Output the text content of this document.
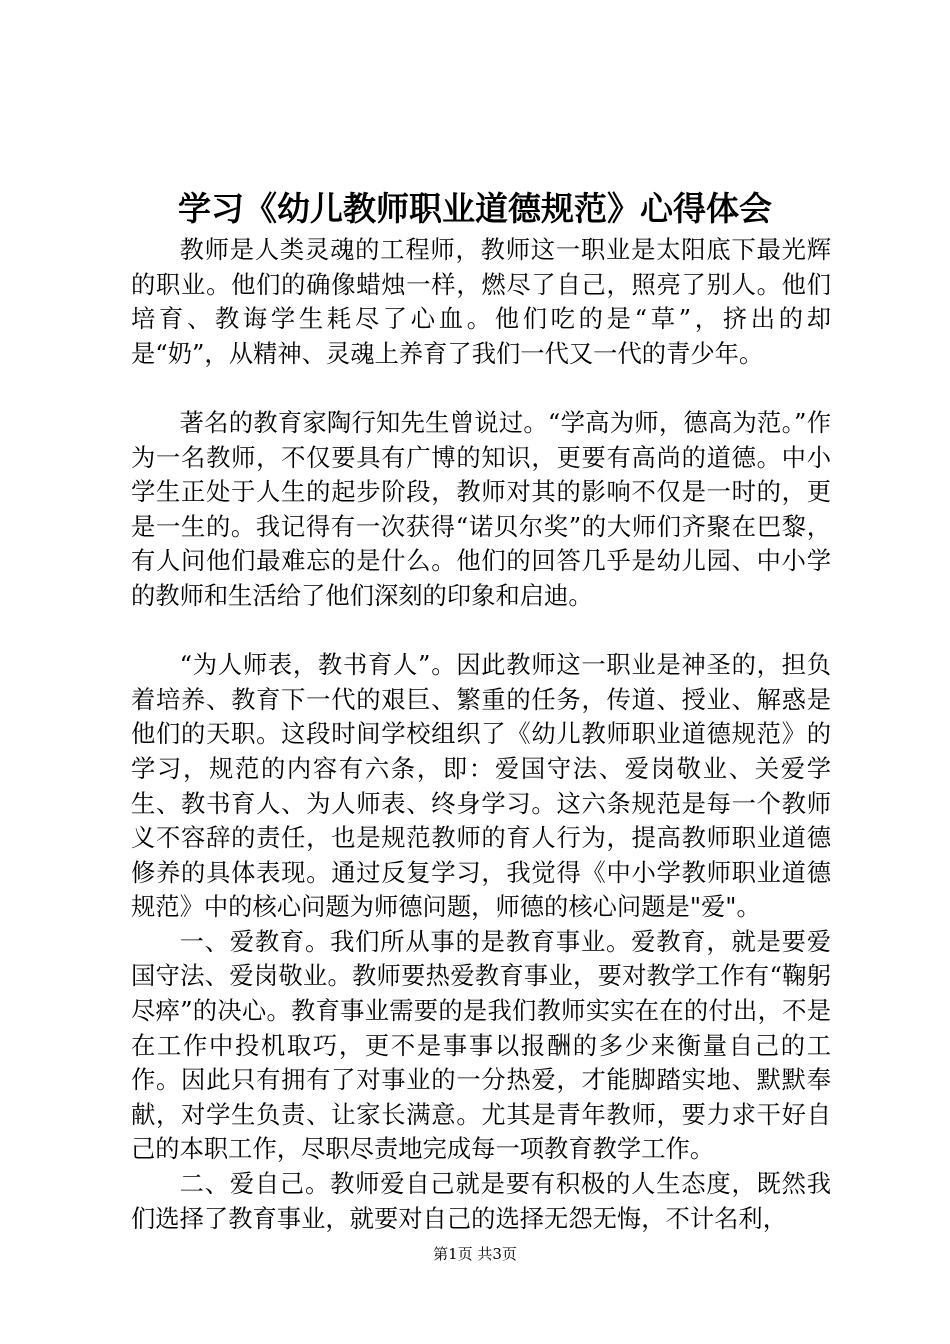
学习《幼儿教师职业道德规范》心得体会

教师是人类灵魂的工程师，教师这一职业是太阳底下最光辉的职业。他们的确像蜡烛一样，燃尽了自己，照亮了别人。他们培育、教诲学生耗尽了心血。他们吃的是“草”，挤出的却是“奶”，从精神、灵魂上养育了我们一代又一代的青少年。

著名的教育家陶行知先生曾说过。“学高为师，德高为范。”作为一名教师，不仅要具有广博的知识，更要有高尚的道德。中小学生正处于人生的起步阶段，教师对其的影响不仅是一时的，更是一生的。我记得有一次获得“诺贝尔奖”的大师们齐聚在巴黎，有人问他们最难忘的是什么。他们的回答几乎是幼儿园、中小学的教师和生活给了他们深刻的印象和启迪。

“为人师表，教书育人”。因此教师这一职业是神圣的，担负着培养、教育下一代的艰巨、繁重的任务，传道、授业、解惑是他们的天职。这段时间学校组织了《幼儿教师职业道德规范》的学习，规范的内容有六条，即：爱国守法、爱岗敬业、关爱学生、教书育人、为人师表、终身学习。这六条规范是每一个教师义不容辞的责任，也是规范教师的育人行为，提高教师职业道德修养的具体表现。通过反复学习，我觉得《中小学教师职业道德规范》中的核心问题为师德问题，师德的核心问题是"爱"。

一、爱教育。我们所从事的是教育事业。爱教育，就是要爱国守法、爱岗敬业。教师要热爱教育事业，要对教学工作有“鞠躬尽瘁”的决心。教育事业需要的是我们教师实实在在的付出，不是在工作中投机取巧，更不是事事以报酬的多少来衡量自己的工作。因此只有拥有了对事业的一分热爱，才能脚踏实地、默默奉献，对学生负责、让家长满意。尤其是青年教师，要力求干好自己的本职工作，尽职尽责地完成每一项教育教学工作。

二、爱自己。教师爱自己就是要有积极的人生态度，既然我们选择了教育事业，就要对自己的选择无怨无悔，不计名利，

第1页 共3页
